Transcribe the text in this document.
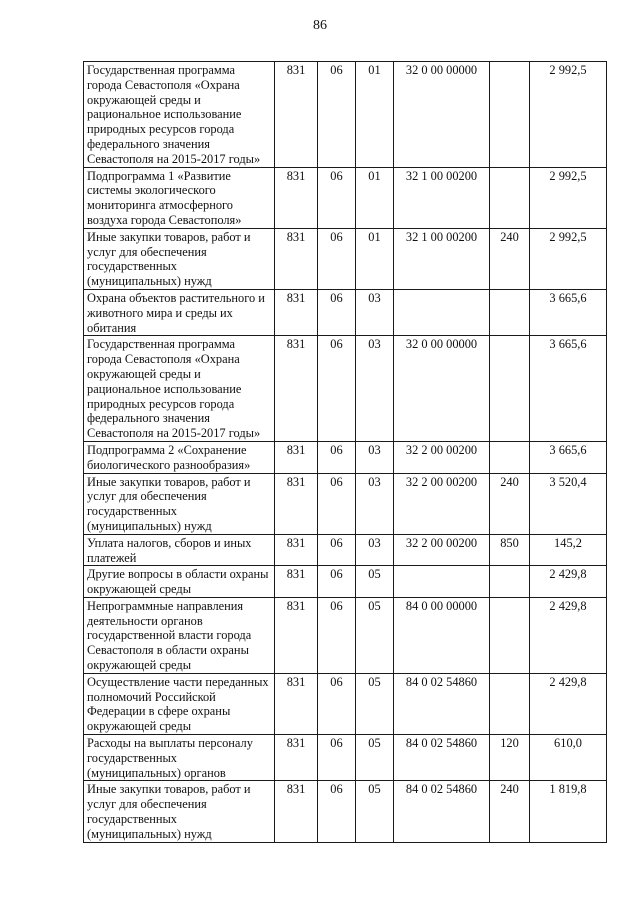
86
Государственная программа города Севастополя «Охрана окружающей среды и рациональное использование природных ресурсов города федерального значения Севастополя на 2015-2017 годы»	831	06	01	32 0 00 00000		2 992,5
Подпрограмма 1 «Развитие системы экологического мониторинга атмосферного воздуха города Севастополя»	831	06	01	32 1 00 00200		2 992,5
Иные закупки товаров, работ и услуг для обеспечения государственных (муниципальных) нужд	831	06	01	32 1 00 00200	240	2 992,5
Охрана объектов растительного и животного мира и среды их обитания	831	06	03			3 665,6
Государственная программа города Севастополя «Охрана окружающей среды и рациональное использование природных ресурсов города федерального значения Севастополя на 2015-2017 годы»	831	06	03	32 0 00 00000		3 665,6
Подпрограмма 2 «Сохранение биологического разнообразия»	831	06	03	32 2 00 00200		3 665,6
Иные закупки товаров, работ и услуг для обеспечения государственных (муниципальных) нужд	831	06	03	32 2 00 00200	240	3 520,4
Уплата налогов, сборов и иных платежей	831	06	03	32 2 00 00200	850	145,2
Другие вопросы в области охраны окружающей среды	831	06	05			2 429,8
Непрограммные направления деятельности органов государственной власти города Севастополя в области охраны окружающей среды	831	06	05	84 0 00 00000		2 429,8
Осуществление части переданных полномочий Российской Федерации в сфере охраны окружающей среды	831	06	05	84 0 02 54860		2 429,8
Расходы на выплаты персоналу государственных (муниципальных) органов	831	06	05	84 0 02 54860	120	610,0
Иные закупки товаров, работ и услуг для обеспечения государственных (муниципальных) нужд	831	06	05	84 0 02 54860	240	1 819,8
